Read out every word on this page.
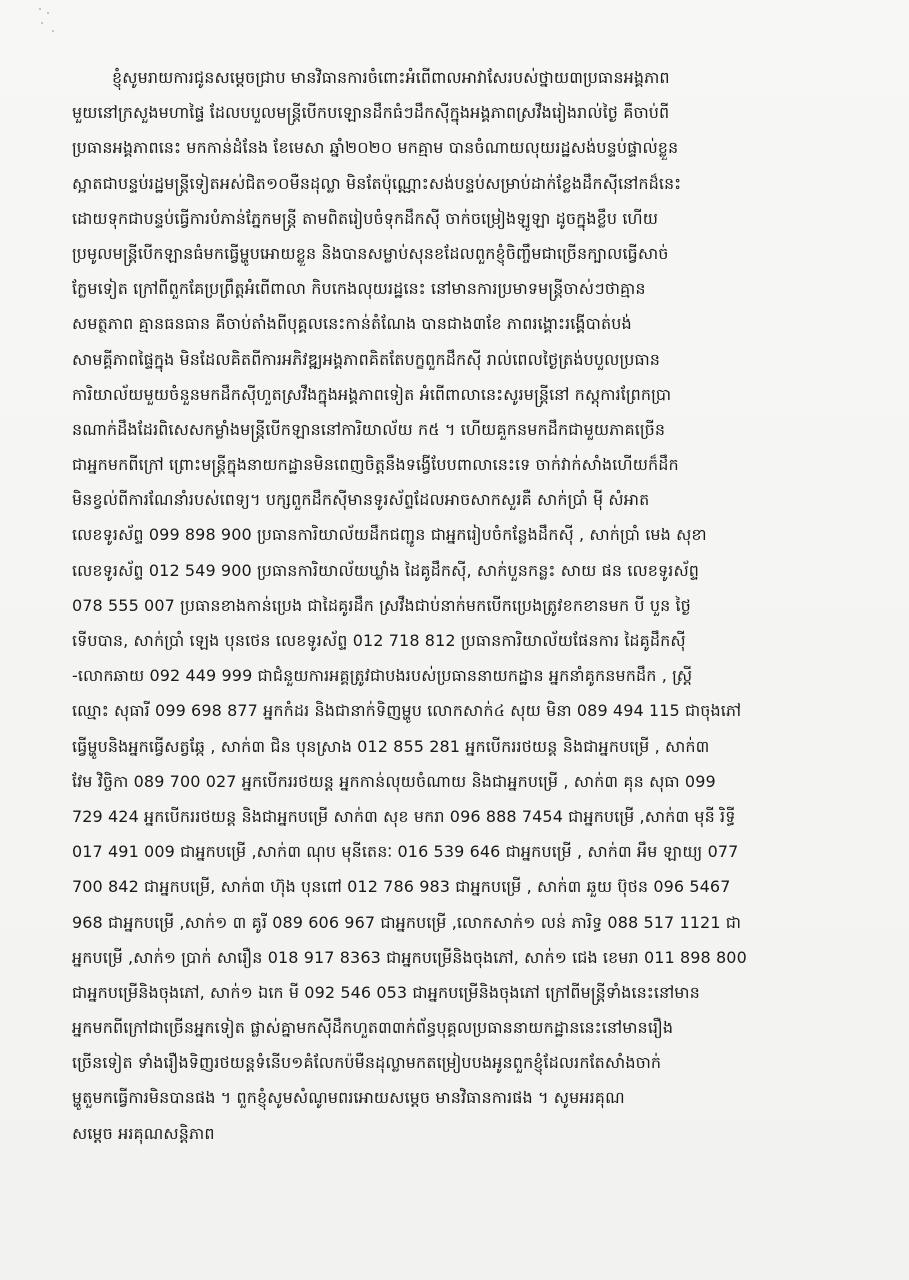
ខ្ញុំសូមរាយការជូនសម្ដេចជ្រាប មានវិធានការចំពោះអំពើពាលអាវាសែរបស់ថ្នាយ៣ប្រធានអង្គភាព
មួយនៅក្រសួងមហាផ្ទៃ ដែលបបួលមន្ត្រីបើកបឡោនដឹកធំៗដឹកស៊ីក្នុងអង្គភាពស្រវឹងរៀងរាល់ថ្ងៃ គឺចាប់ពី
ប្រធានអង្គភាពនេះ មកកាន់ដំនែង ខែមេសា ឆ្នាំ២០២០ មកគ្មាម បានចំណាយលុយរដ្ឋសង់បន្ទប់ផ្ទាល់ខ្លួន
ស្អាតជាបន្ទប់រដ្ឋមន្ត្រីទៀតអស់ជិត១០មឺនដុល្លា មិនតែប៉ុណ្ណោះសង់បន្ទប់សម្រាប់ដាក់ខ្លែងដឹកស៊ីនៅកដ៏នេះ
ដោយទុកជាបន្ទប់ធ្វើការបំភាន់ភ្នែកមន្ត្រី តាមពិតរៀបចំទុកដឹកស៊ី ចាក់ចម្រៀងឡូឡា ដូចក្នុងខ្លឹប ហើយ
ប្រមូលមន្ត្រីបើកឡានធំមកធ្វើម្ហូបអោយខ្លួន និងបានសម្លាប់សុនខដែលពួកខ្ញុំចិញ្ចឹមជាច្រើនក្បាលធ្វើសាច់
ក្លែមទៀត ក្រៅពីពួកគែប្រព្រឹត្តអំពើពាលា កិបកេងលុយរដ្ឋនេះ នៅមានការប្រមាទមន្ត្រីចាស់ៗថាគ្មាន
សមត្ថភាព គ្មានធនធាន គឺចាប់តាំងពីបុគ្គលនេះកាន់តំណែង បានជាង៣ខែ ភាពរង្គោះរង្គើបាត់បង់
សាមគ្គីភាពផ្ទៃក្នុង មិនដែលគិតពីការអភិវឌ្ឍអង្គភាពគិតតែបក្ខពួកដឹកស៊ី រាល់ពេលថ្ងៃត្រង់បបួលប្រធាន
ការិយាល័យមួយចំនួនមកដឹកស៊ីហួតស្រវឹងក្នុងអង្គភាពទៀត អំពើពាលានេះសូរមន្ត្រីនៅ កស្តុការព្រែកប្រា
នណាក់ដឹងដែរពិសេសកម្លាំងមន្ត្រីបើកឡាននៅការិយាល័យ ក៥ ។ ហើយគួកនមកដឹកជាមួយភាគច្រើន
ជាអ្នកមកពីក្រៅ ព្រោះមន្ត្រីក្នុងនាយកដ្ឋានមិនពេញចិត្តនឹងទង្វើបែបពាលានេះទេ ចាក់វាក់សាំងហើយក៏ដឹក
មិនខ្វល់ពីការណែនាំរបស់ពេទ្យ។ បក្សពួកដឹកស៊ីមានទូរស័ព្ទដែលអាចសាកសួរគឺ សាក់ប្រាំ ម៉ី សំអាត
លេខទូរស័ព្ទ 099 898 900 ប្រធានការិយាល័យដឹកជញ្ជូន ជាអ្នករៀបចំកន្លែងដឹកស៊ី , សាក់ប្រាំ មេង សុខា
លេខទូរស័ព្ទ 012 549 900 ប្រធានការិយាល័យឃ្លាំង ដៃគូដឹកស៊ី, សាក់បួនកន្លះ សាយ ផន លេខទូរស័ព្ទ
078 555 007 ប្រធានខាងកាន់ប្រេង ជាដៃគូរដឹក ស្រវឹងជាប់នាក់មកបើកប្រេងត្រូវខកខានមក បី បួន ថ្ងៃ
ទើបបាន, សាក់ប្រាំ ឡេង បុនថេន លេខទូរស័ព្ទ 012 718 812 ប្រធានការិយាល័យផែនការ ដៃគូដឹកស៊ី
-លោកឆាយ 092 449 999 ជាជំនួយការអគ្គត្រូវជាបងរបស់ប្រធាននាយកដ្ឋាន អ្នកនាំគូកនមកដឹក , ស្ត្រី
ឈ្មោះ សុធារី 099 698 877 អ្នកកំដរ និងជានាក់ទិញម្ហូប លោកសាក់៤ សុយ មិនា 089 494 115 ជាចុងភៅ
ធ្វើម្ហូបនិងអ្នកធ្វើសត្វឆ្កែ , សាក់៣ ជិន បុនស្រាង 012 855 281 អ្នកបើកររថយន្ត និងជាអ្នកបម្រើ , សាក់៣
វែម វិច្ចិកា 089 700 027 អ្នកបើកររថយន្ត អ្នកកាន់លុយចំណាយ និងជាអ្នកបម្រើ , សាក់៣ គុន សុធា 099
729 424 អ្នកបើកររថយន្ត និងជាអ្នកបម្រើ សាក់៣ សុខ មករា 096 888 7454 ជាអ្នកបម្រើ ,សាក់៣ មុនី រិទ្ធី
017 491 009 ជាអ្នកបម្រើ ,សាក់៣ ណុប មុនីតេនៈ 016 539 646 ជាអ្នកបម្រើ , សាក់៣ អឹម ឡាយ្យ 077
700 842 ជាអ្នកបម្រើ, សាក់៣ ហ៊ុង បុនពៅ 012 786 983 ជាអ្នកបម្រើ , សាក់៣ ឆួយ ប៊ុថន 096 5467
968 ជាអ្នកបម្រើ ,សាក់១ ៣ គូរី 089 606 967 ជាអ្នកបម្រើ ,លោកសាក់១ លន់ ភារិទ្ធ 088 517 1121 ជា
អ្នកបម្រើ ,សាក់១ ប្រាក់ សារឿន 018 917 8363 ជាអ្នកបម្រើនិងចុងភៅ, សាក់១ ជេង ខេមរា 011 898 800
ជាអ្នកបម្រើនិងចុងភៅ, សាក់១ ឯកេ មី 092 546 053 ជាអ្នកបម្រើនិងចុងភៅ ក្រៅពីមន្ត្រីទាំងនេះនៅមាន
អ្នកមកពីក្រៅជាច្រើនអ្នកទៀត ផ្លាស់គ្នាមកស៊ីដឹកហួត៣៣ក់ព័ន្ធបុគ្គលប្រធាននាយកដ្ឋាននេះនៅមានរឿង
ច្រើនទៀត ទាំងរឿងទិញរថយន្តទំនើប១គំលែកប៉មឺនដុល្លាមកតម្រៀបបងអូនពួកខ្ញុំដែលរកតែសាំងចាក់
ម្ហូតួមកធ្វើការមិនបានផង ។ ពួកខ្ញុំសូមសំណូមពរអោយសម្ដេច មានវិធានការផង ។ សូមអរគុណ
សម្ដេច អរគុណសន្តិភាព
